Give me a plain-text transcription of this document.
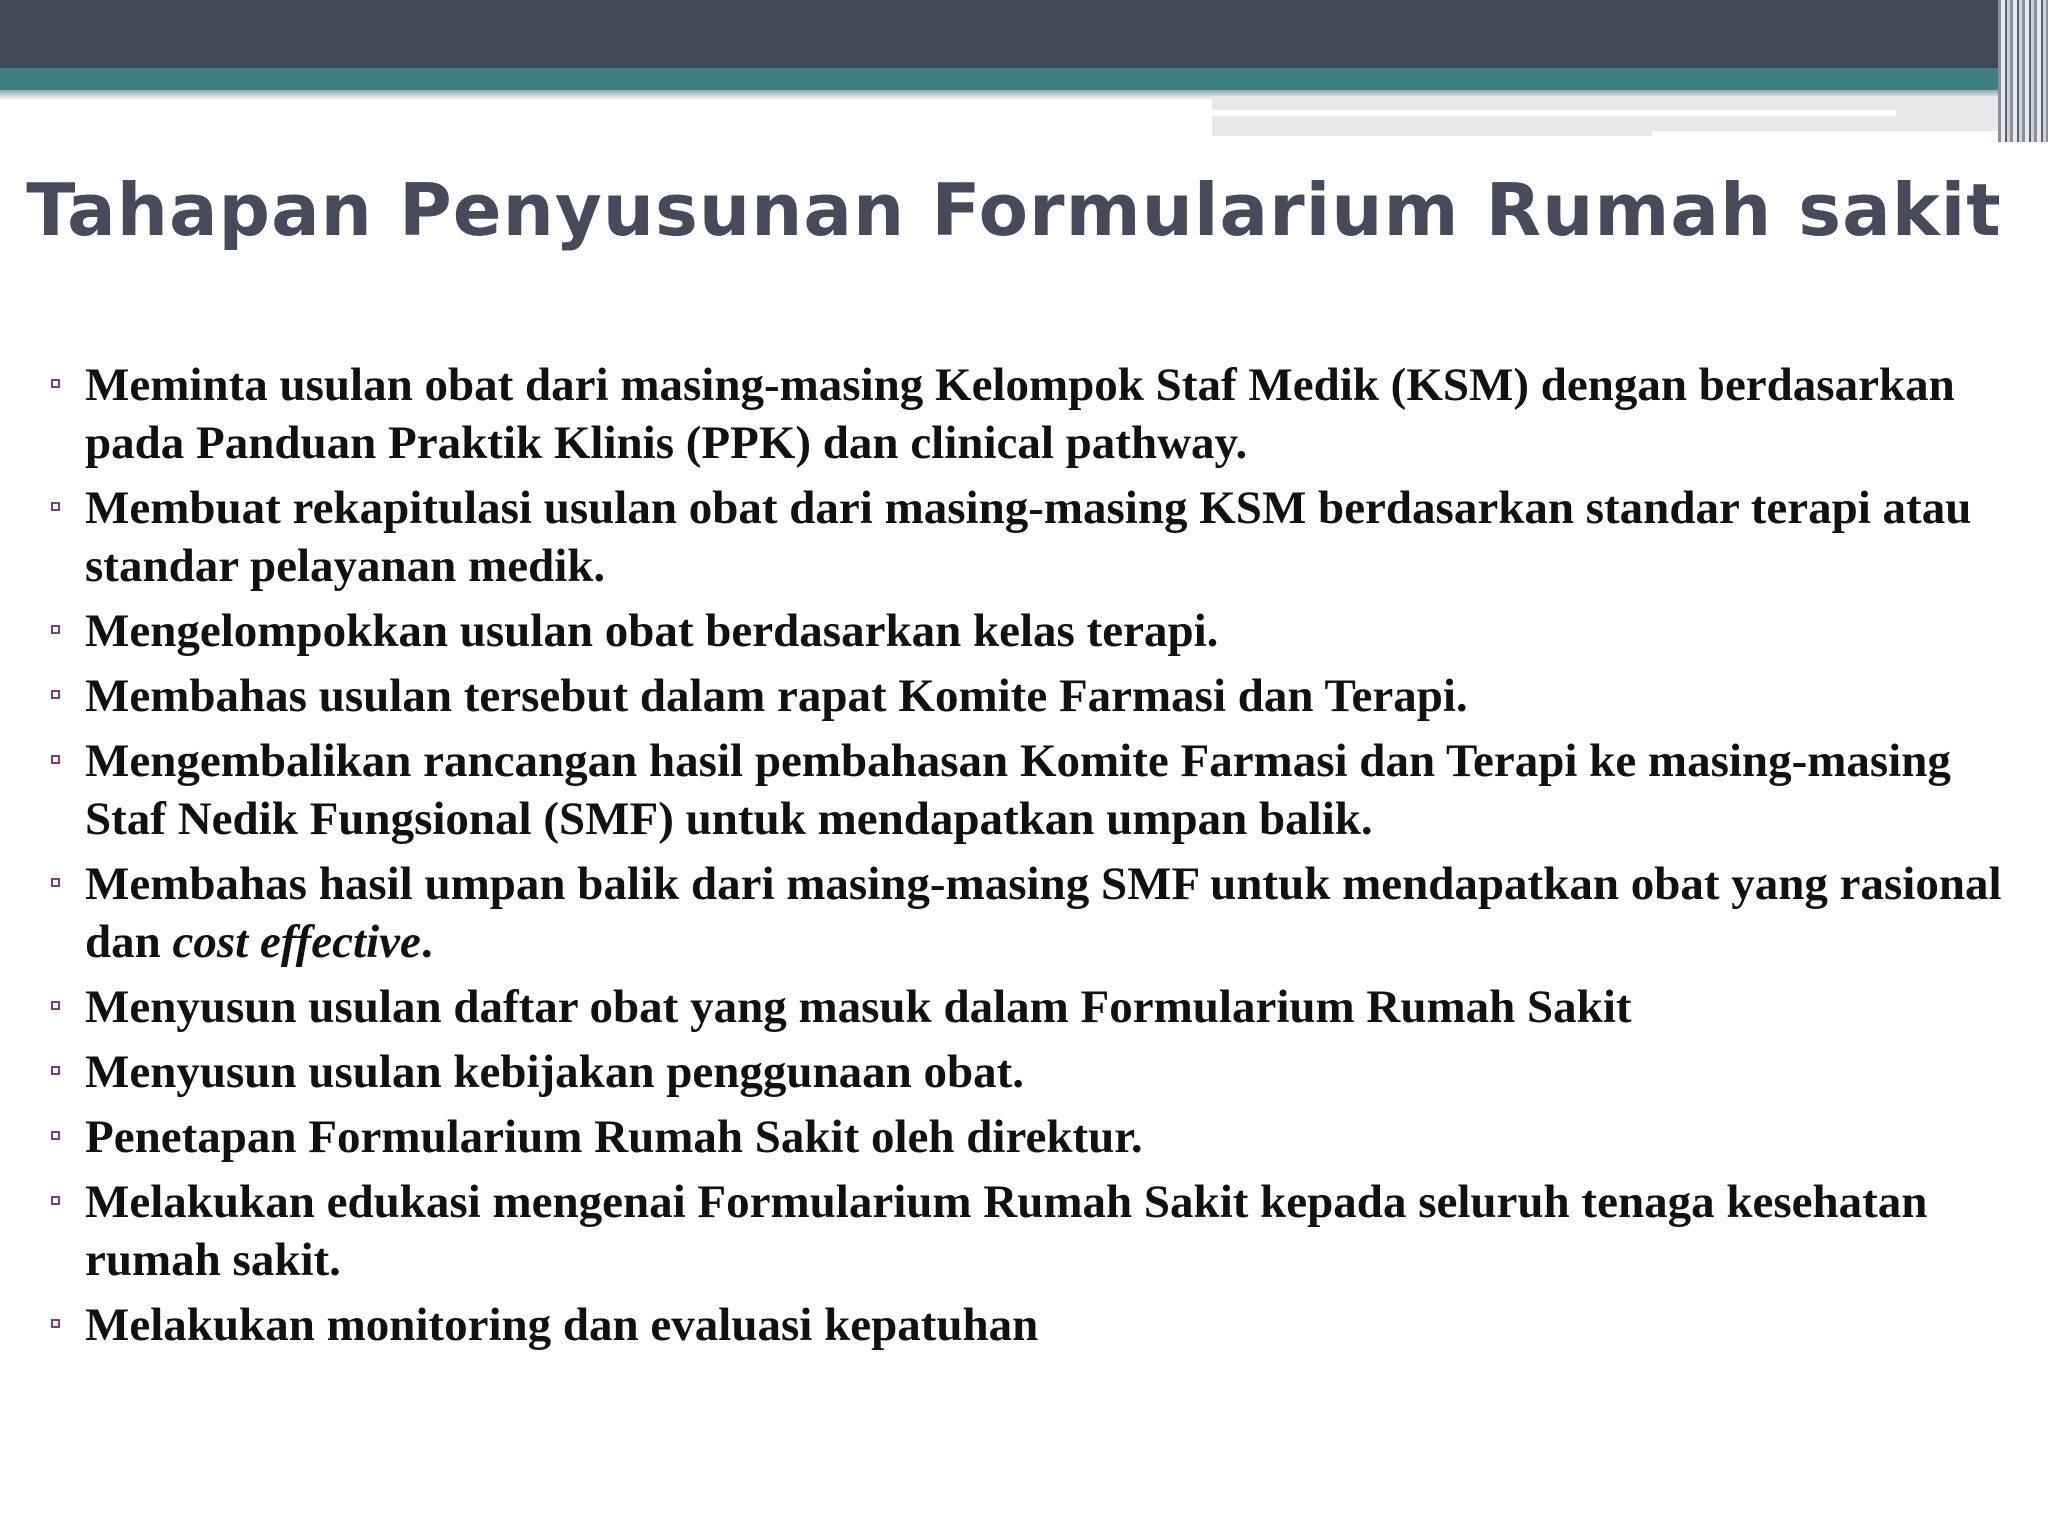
Tahapan Penyusunan Formularium Rumah sakit
Meminta usulan obat dari masing-masing Kelompok Staf Medik (KSM) dengan berdasarkan pada Panduan Praktik Klinis (PPK) dan clinical pathway.
Membuat rekapitulasi usulan obat dari masing-masing KSM berdasarkan standar terapi atau standar pelayanan medik.
Mengelompokkan usulan obat berdasarkan kelas terapi.
Membahas usulan tersebut dalam rapat Komite Farmasi dan Terapi.
Mengembalikan rancangan hasil pembahasan Komite Farmasi dan Terapi ke masing-masing Staf Nedik Fungsional (SMF) untuk mendapatkan umpan balik.
Membahas hasil umpan balik dari masing-masing SMF untuk mendapatkan obat yang rasional dan cost effective.
Menyusun usulan daftar obat yang masuk dalam Formularium Rumah Sakit
Menyusun usulan kebijakan penggunaan obat.
Penetapan Formularium Rumah Sakit oleh direktur.
Melakukan edukasi mengenai Formularium Rumah Sakit kepada seluruh tenaga kesehatan rumah sakit.
Melakukan monitoring dan evaluasi kepatuhan
